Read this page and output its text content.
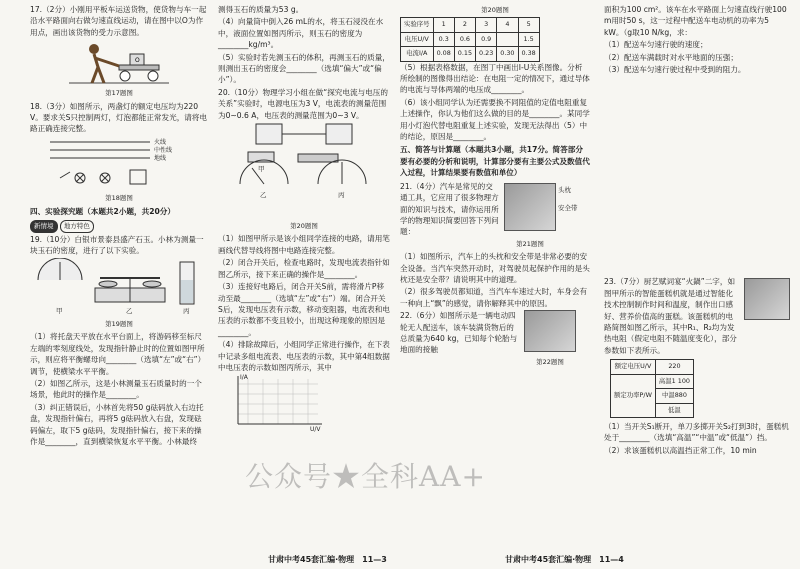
17.（2分）小刚用平板车运送货物，使货物与车一起沿水平路面向右做匀速直线运动，请在图中以O为作用点，画出该货物的受力示意图。

O

第17题图

18.（3分）如图所示，两盏灯的额定电压均为220 V。要求关S只控制两灯，灯泡都能正常发光，请将电路正确连接完整。

火线
中性线
地线

第18题图

四、实验探究题（本题共2小题，共20分）

新情境 地方特色

19.（10分）白银市景泰县盛产石玉。小林为测量一块玉石的密度，进行了以下实验。

甲	乙	丙

第19题图

（1）将托盘天平放在水平台面上，将游码移至标尺左端的零刻度线处，发现指针静止时的位置如图甲所示，则应将平衡螺母向________（选填“左”或“右”）调节，使横梁水平平衡。

（2）如图乙所示，这是小林测量玉石质量时的一个场景，他此时的操作是________。

（3）纠正错误后，小林首先将50 g砝码放入右边托盘，发现指针偏右，再将5 g砝码放入右盘，发现砝码偏左，取下5 g砝码，发现指针偏右，接下来的操作是________，直到横梁恢复水平平衡。小林最终

测得玉石的质量为53 g。

（4）向量筒中倒入26 mL的水，将玉石浸没在水中，液面位置如图丙所示，则玉石的密度为________kg/m³。

（5）实验时若先测玉石的体积，再测玉石的质量，则测出玉石的密度会________（选填“偏大”或“偏小”）。

20.（10分）物理学习小组在做“探究电流与电压的关系”实验时，电源电压为3 V，电流表的测量范围为0~0.6 A，电压表的测量范围为0~3 V。

甲
乙	丙

第20题图

（1）如图甲所示是该小组同学连接的电路，请用笔画线代替导线将图中电路连接完整。

（2）闭合开关后，检查电路时，发现电流表指针如图乙所示，接下来正确的操作是________。

（3）连接好电路后，闭合开关S前，需将滑片P移动至最________（选填“左”或“右”）端。闭合开关S后，发现电压表有示数，移动变阻器，电流表和电压表的示数都不变且较小，出现这种现象的原因是________。

（4）排除故障后，小组同学正常进行操作，在下表中记录多组电流表、电压表的示数，其中第4组数据中电压表的示数如图丙所示，其中

I/A
U/V
公众号★全科AA+

第20题图

实验序号	1	2	3	4	5
电压U/V	0.3	0.6	0.9		1.5
电流I/A	0.08	0.15	0.23	0.30	0.38

（5）根据表格数据，在图丁中画出I-U关系图像。分析所绘制的图像得出结论：在电阻一定的情况下，通过导体的电流与导体两端的电压成________。

（6）该小组同学认为还需要换不同阻值的定值电阻重复上述操作，你认为他们这么做的目的是________。某同学用小灯泡代替电阻重复上述实验，发现无法得出（5）中的结论，原因是________。

五、简答与计算题（本题共3小题，共17分。简答部分要有必要的分析和说明，计算部分要有主要公式及数值代入过程，计算结果要有数值和单位）

头枕
安全带

21.（4分）汽车是常见的交通工具，它应用了很多物理方面的知识与技术，请你运用所学的物理知识简要回答下列问题：

第21题图

（1）如图所示，汽车上的头枕和安全带是非常必要的安全设备。当汽车突然开动时，对驾驶员起保护作用的是头枕还是安全带？请说明其中的道理。

（2）很多驾驶员都知道，当汽车车速过大时，车身会有一种向上“飘”的感觉，请你解释其中的原因。

22.（6分）如图所示是一辆电动四轮无人配送车，该车装满货物后的总质量为640 kg，已知每个轮胎与地面的接触

第22题图

面积为100 cm²。该车在水平路面上匀速直线行驶100 m用时50 s，这一过程中配送车电动机的功率为5 kW。（g取10 N/kg，求：

（1）配送车匀速行驶的速度；

（2）配送车满载时对水平地面的压强；

（3）配送车匀速行驶过程中受到的阻力。

23.（7分）厨艺赋词宴“火鍋”二字，如图甲所示的智能蛋糕机就是通过智能化技术控制制作时间和温度，制作出口感好、营养价值高的蛋糕。该蛋糕机的电路简图如图乙所示，其中R₁、R₂均为发热电阻（假定电阻不随温度变化），部分参数如下表所示。

额定电压U/V	220
额定功率P/W	高温1 100
	中温880
	低温

（1）当开关S₁断开，单刀多掷开关S₂打到3时，蛋糕机处于________（选填“高温”“中温”或“低温”）挡。

（2）求该蛋糕机以高温挡正常工作，10 min

甘肃中考45套汇编·物理 11—3	甘肃中考45套汇编·物理 11—4
